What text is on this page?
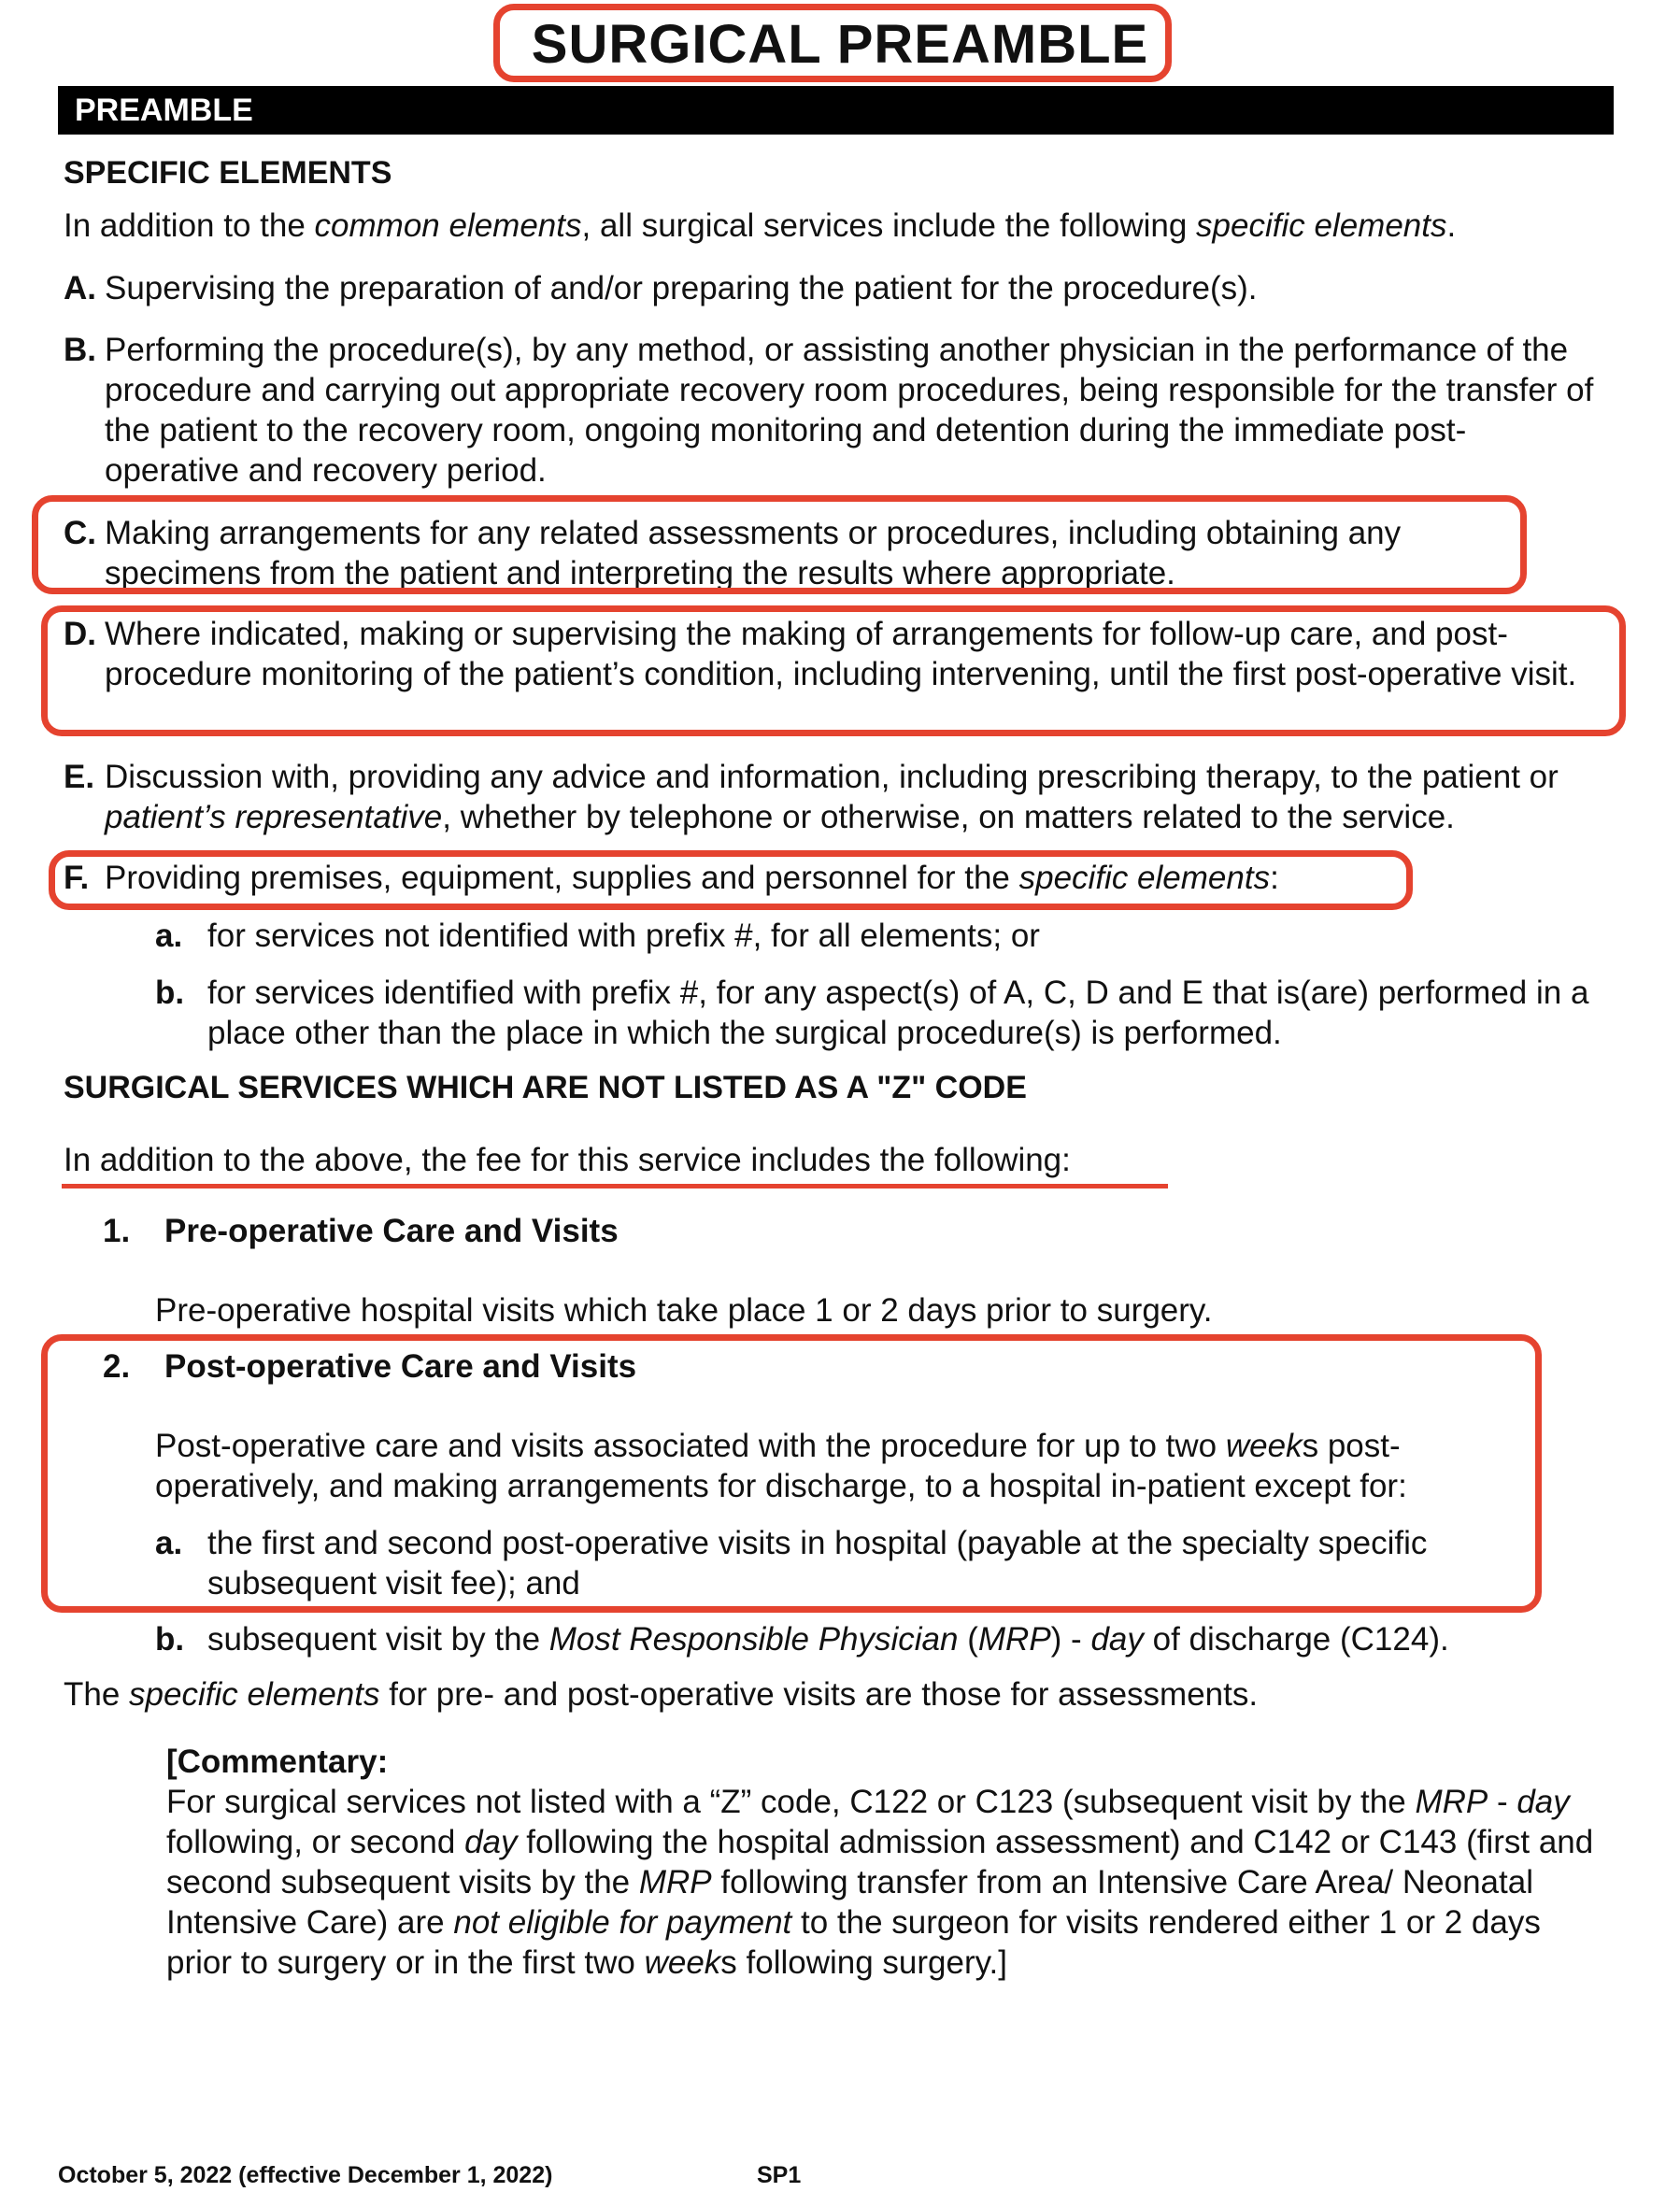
SURGICAL PREAMBLE
PREAMBLE
SPECIFIC ELEMENTS
In addition to the common elements, all surgical services include the following specific elements.
A. Supervising the preparation of and/or preparing the patient for the procedure(s).
B. Performing the procedure(s), by any method, or assisting another physician in the performance of the procedure and carrying out appropriate recovery room procedures, being responsible for the transfer of the patient to the recovery room, ongoing monitoring and detention during the immediate post-operative and recovery period.
C. Making arrangements for any related assessments or procedures, including obtaining any specimens from the patient and interpreting the results where appropriate.
D. Where indicated, making or supervising the making of arrangements for follow-up care, and post-procedure monitoring of the patient’s condition, including intervening, until the first post-operative visit.
E. Discussion with, providing any advice and information, including prescribing therapy, to the patient or patient’s representative, whether by telephone or otherwise, on matters related to the service.
F. Providing premises, equipment, supplies and personnel for the specific elements:
a. for services not identified with prefix #, for all elements; or
b. for services identified with prefix #, for any aspect(s) of A, C, D and E that is(are) performed in a place other than the place in which the surgical procedure(s) is performed.
SURGICAL SERVICES WHICH ARE NOT LISTED AS A "Z" CODE
In addition to the above, the fee for this service includes the following:
1. Pre-operative Care and Visits
Pre-operative hospital visits which take place 1 or 2 days prior to surgery.
2. Post-operative Care and Visits
Post-operative care and visits associated with the procedure for up to two weeks post-operatively, and making arrangements for discharge, to a hospital in-patient except for:
a. the first and second post-operative visits in hospital (payable at the specialty specific subsequent visit fee); and
b. subsequent visit by the Most Responsible Physician (MRP) - day of discharge (C124).
The specific elements for pre- and post-operative visits are those for assessments.
[Commentary:
For surgical services not listed with a “Z” code, C122 or C123 (subsequent visit by the MRP - day following, or second day following the hospital admission assessment) and C142 or C143 (first and second subsequent visits by the MRP following transfer from an Intensive Care Area/ Neonatal Intensive Care) are not eligible for payment to the surgeon for visits rendered either 1 or 2 days prior to surgery or in the first two weeks following surgery.]
October 5, 2022 (effective December 1, 2022)	SP1
